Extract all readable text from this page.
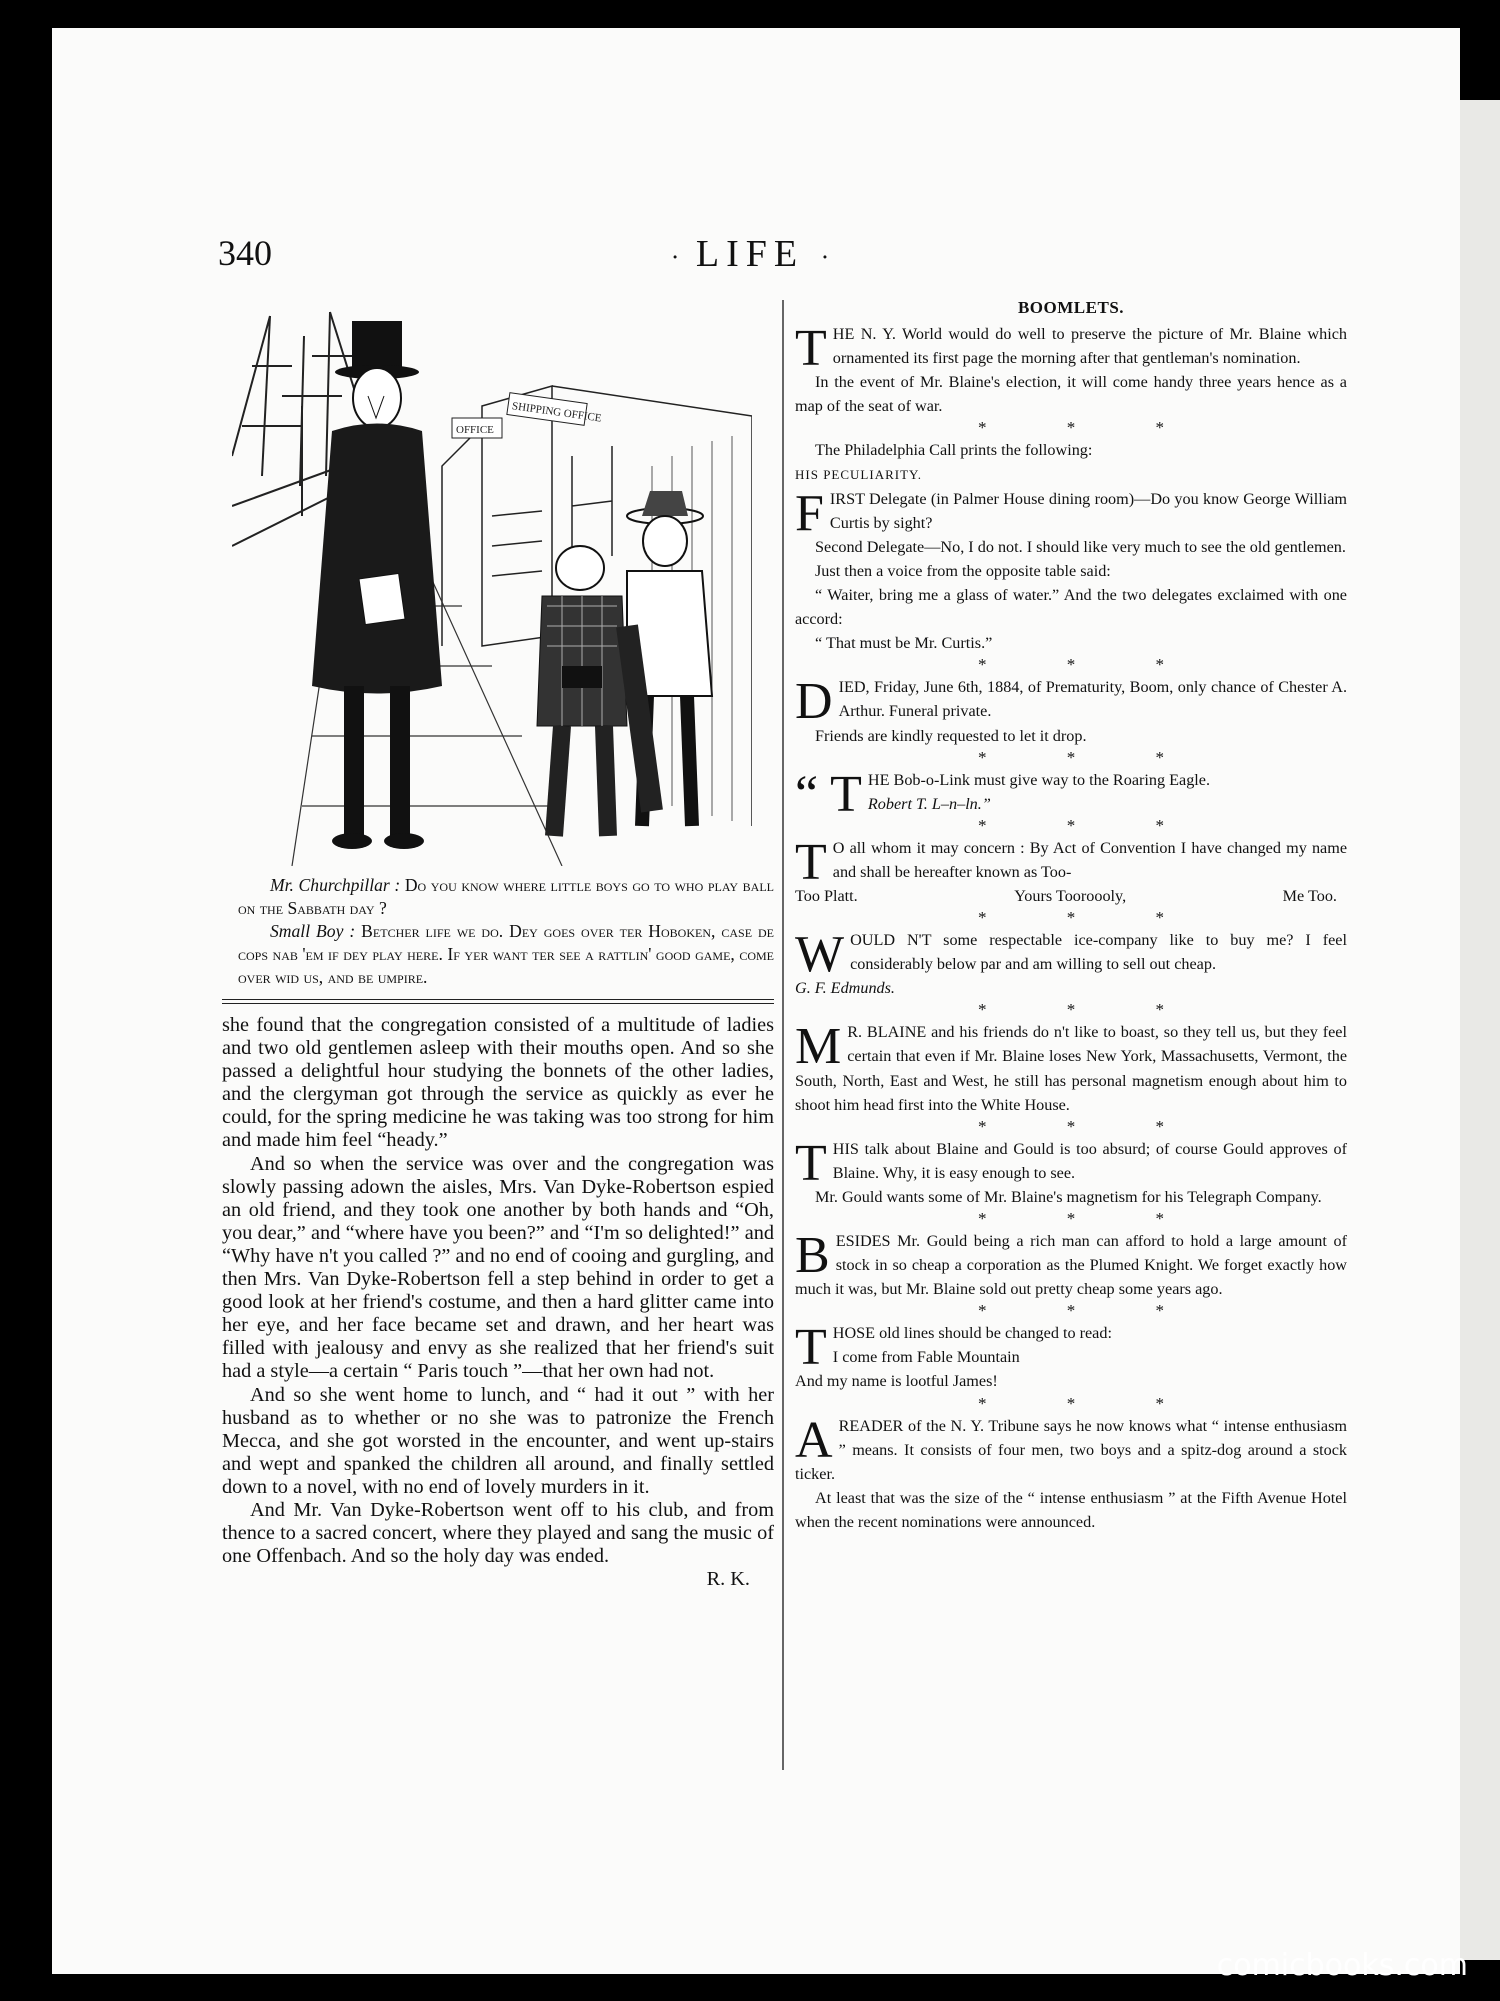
340	· LIFE ·
SHIPPING OFFICE
OFFICE

Mr. Churchpillar : Do you know where little boys go to who play ball on the Sabbath day ?

Small Boy : Betcher life we do. Dey goes over ter Hoboken, case de cops nab 'em if dey play here. If yer want ter see a rattlin' good game, come over wid us, and be umpire.

she found that the congregation consisted of a multitude of ladies and two old gentlemen asleep with their mouths open. And so she passed a delightful hour studying the bonnets of the other ladies, and the clergyman got through the service as quickly as ever he could, for the spring medicine he was taking was too strong for him and made him feel “heady.”

And so when the service was over and the congregation was slowly passing adown the aisles, Mrs. Van Dyke-Robertson espied an old friend, and they took one another by both hands and “Oh, you dear,” and “where have you been?” and “I'm so delighted!” and “Why have n't you called ?” and no end of cooing and gurgling, and then Mrs. Van Dyke-Robertson fell a step behind in order to get a good look at her friend's costume, and then a hard glitter came into her eye, and her face became set and drawn, and her heart was filled with jealousy and envy as she realized that her friend's suit had a style—a certain “ Paris touch ”—that her own had not.

And so she went home to lunch, and “ had it out ” with her husband as to whether or no she was to patronize the French Mecca, and she got worsted in the encounter, and went up-stairs and wept and spanked the children all around, and finally settled down to a novel, with no end of lovely murders in it.

And Mr. Van Dyke-Robertson went off to his club, and from thence to a sacred concert, where they played and sang the music of one Offenbach. And so the holy day was ended.

R. K.

BOOMLETS.

THE N. Y. World would do well to preserve the picture of Mr. Blaine which ornamented its first page the morning after that gentleman's nomination.

In the event of Mr. Blaine's election, it will come handy three years hence as a map of the seat of war.

* * *

The Philadelphia Call prints the following:

HIS PECULIARITY.

FIRST Delegate (in Palmer House dining room)—Do you know George William Curtis by sight?

Second Delegate—No, I do not. I should like very much to see the old gentlemen.

Just then a voice from the opposite table said:

“ Waiter, bring me a glass of water.” And the two delegates exclaimed with one accord:

“ That must be Mr. Curtis.”

* * *

DIED, Friday, June 6th, 1884, of Prematurity, Boom, only chance of Chester A. Arthur. Funeral private.

Friends are kindly requested to let it drop.

* * *

“ T HE Bob-o-Link must give way to the Roaring Eagle.

Robert T. L–n–ln.”

* * *

T O all whom it may concern : By Act of Convention I have changed my name and shall be hereafter known as Too-

Too Platt.	Yours Tooroooly,	Me Too.

* * *

WOULD N'T some respectable ice-company like to buy me? I feel considerably below par and am willing to sell out cheap.

G. F. Edmunds.

* * *

M R. BLAINE and his friends do n't like to boast, so they tell us, but they feel certain that even if Mr. Blaine loses New York, Massachusetts, Vermont, the South, North, East and West, he still has personal magnetism enough about him to shoot him head first into the White House.

* * *

THIS talk about Blaine and Gould is too absurd; of course Gould approves of Blaine. Why, it is easy enough to see.

Mr. Gould wants some of Mr. Blaine's magnetism for his Telegraph Company.

* * *

BESIDES Mr. Gould being a rich man can afford to hold a large amount of stock in so cheap a corporation as the Plumed Knight. We forget exactly how much it was, but Mr. Blaine sold out pretty cheap some years ago.

* * *

THOSE old lines should be changed to read:

I come from Fable Mountain

And my name is lootful James!

* * *

AREADER of the N. Y. Tribune says he now knows what “ intense enthusiasm ” means. It consists of four men, two boys and a spitz-dog around a stock ticker.

At least that was the size of the “ intense enthusiasm ” at the Fifth Avenue Hotel when the recent nominations were announced.

comicbooks.com
